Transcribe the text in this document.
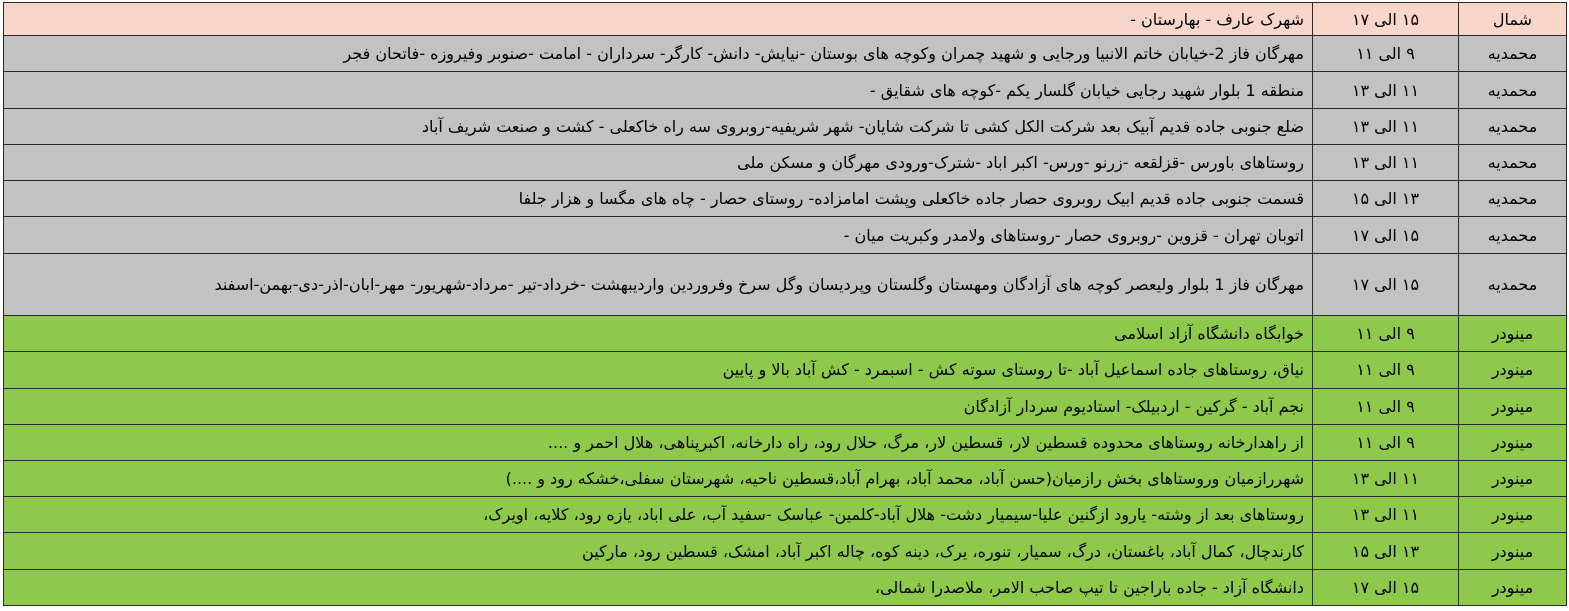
شمال	۱۵ الی ۱۷	شهرک عارف - بهارستان -
محمدیه	۹ الی ۱۱	مهرگان فاز 2-خیابان خاتم الانبیا ورجایی و شهید چمران وکوچه های بوستان -نیایش- دانش- کارگر- سرداران - امامت -صنوبر وفیروزه -فاتحان فجر
محمدیه	۱۱ الی ۱۳	منطقه 1 بلوار شهید رجایی خیابان گلسار یکم -کوچه های شقایق -
محمدیه	۱۱ الی ۱۳	ضلع جنوبی جاده قدیم آبیک بعد شرکت الکل کشی تا شرکت شایان- شهر شریفیه-روبروی سه راه خاکعلی - کشت و صنعت شریف آباد
محمدیه	۱۱ الی ۱۳	روستاهای باورس -قزلقعه -زرنو -ورس- اکبر اباد -شترک-ورودی مهرگان و مسکن ملی
محمدیه	۱۳ الی ۱۵	قسمت جنوبی جاده قدیم ابیک روبروی حصار جاده خاکعلی وپشت امامزاده- روستای حصار - چاه های مگسا و هزار جلفا
محمدیه	۱۵ الی ۱۷	اتوبان تهران - قزوین -روبروی حصار -روستاهای ولامدر وکبریت میان -
محمدیه	۱۵ الی ۱۷	مهرگان فاز 1 بلوار ولیعصر کوچه های آزادگان ومهستان وگلستان وپردیسان وگل سرخ وفروردین واردیبهشت -خرداد-تیر -مرداد-شهریور- مهر-ابان-اذر-دی-بهمن-اسفند
مینودر	۹ الی ۱۱	خوابگاه دانشگاه آزاد اسلامی
مینودر	۹ الی ۱۱	نیاق، روستاهای جاده اسماعیل آباد -تا روستای سوته کش - اسبمرد - کش آباد بالا و پایین
مینودر	۹ الی ۱۱	نجم آباد - گرکین - اردبیلک- استادیوم سردار آزادگان
مینودر	۹ الی ۱۱	از راهدارخانه روستاهای محدوده قسطین لار، قسطین لار، مرگ، حلال رود، راه دارخانه، اکبرپناهی، هلال احمر و ....
مینودر	۱۱ الی ۱۳	شهررازمیان وروستاهای بخش رازمیان(حسن آباد، محمد آباد، بهرام آباد،قسطین ناحیه، شهرستان سفلی،خشکه رود و ....)
مینودر	۱۱ الی ۱۳	روستاهای بعد از وشته- یارود ازگنین علیا-سیمیار دشت- هلال آباد-کلمین- عباسک -سفید آب، علی اباد، یازه رود، کلایه، اویرک،
مینودر	۱۳ الی ۱۵	کارندچال، کمال آباد، باغستان، درگ، سمیار، تنوره، یرک، دینه کوه، چاله اکبر آباد، امشک، قسطین رود، مارکین
مینودر	۱۵ الی ۱۷	دانشگاه آزاد - جاده باراجین تا تیپ صاحب الامر، ملاصدرا شمالی،
